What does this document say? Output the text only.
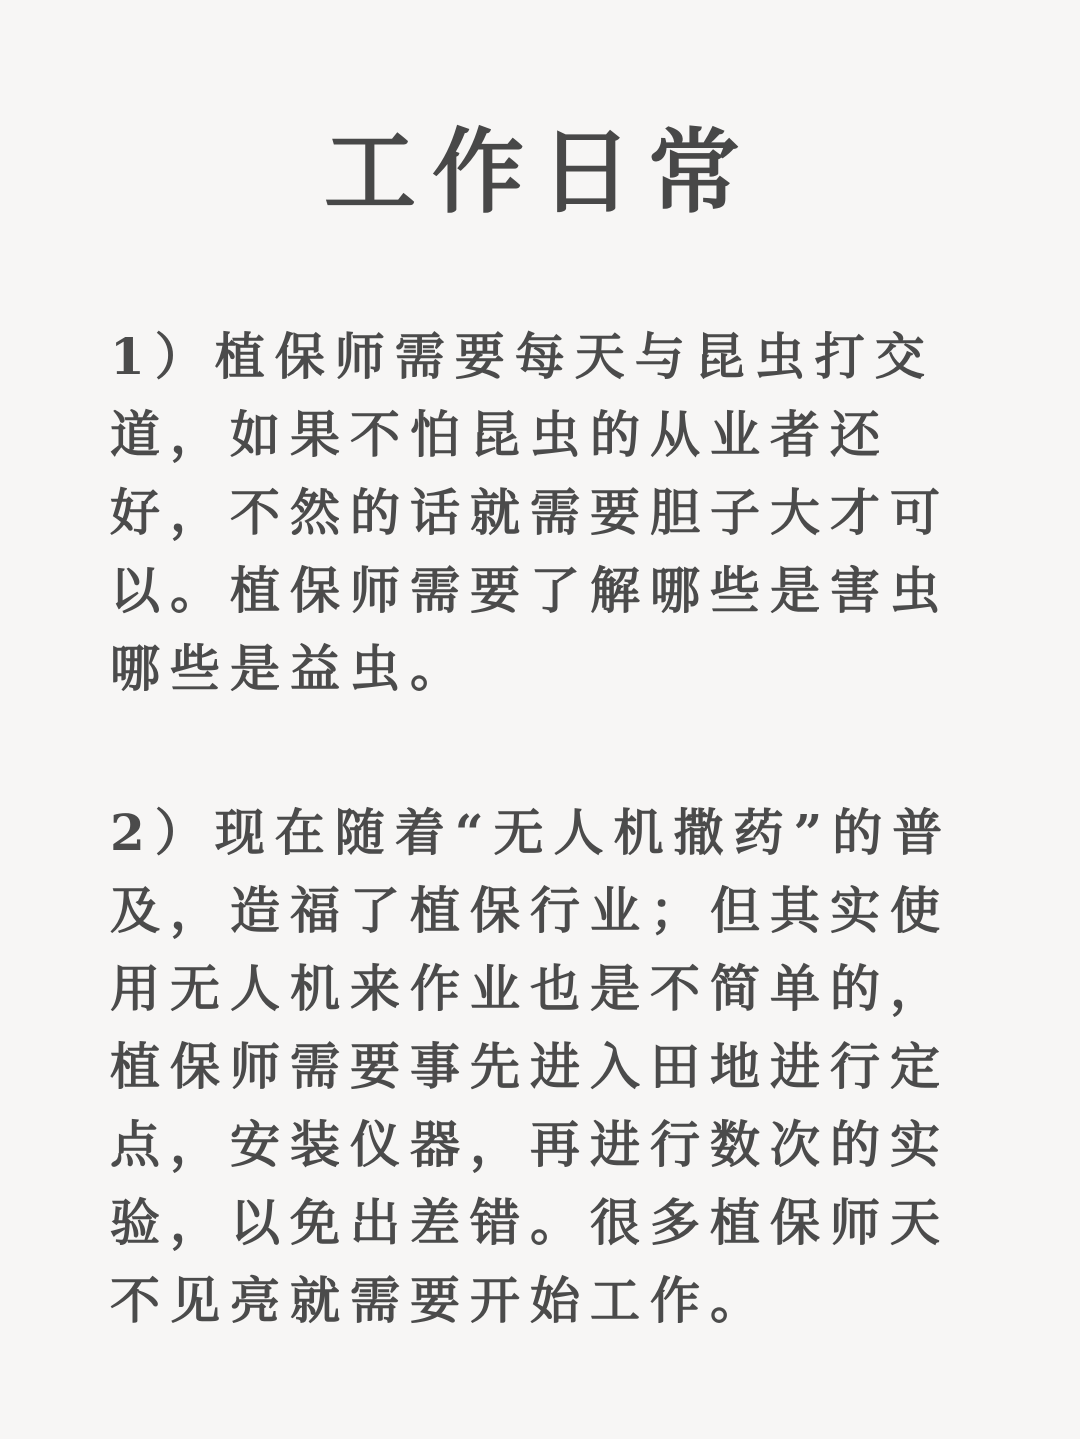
工作日常
1）植保师需要每天与昆虫打交道，如果不怕昆虫的从业者还好，不然的话就需要胆子大才可以。植保师需要了解哪些是害虫哪些是益虫。
2）现在随着“无人机撒药”的普及，造福了植保行业；但其实使用无人机来作业也是不简单的，植保师需要事先进入田地进行定点，安装仪器，再进行数次的实验，以免出差错。很多植保师天不见亮就需要开始工作。
